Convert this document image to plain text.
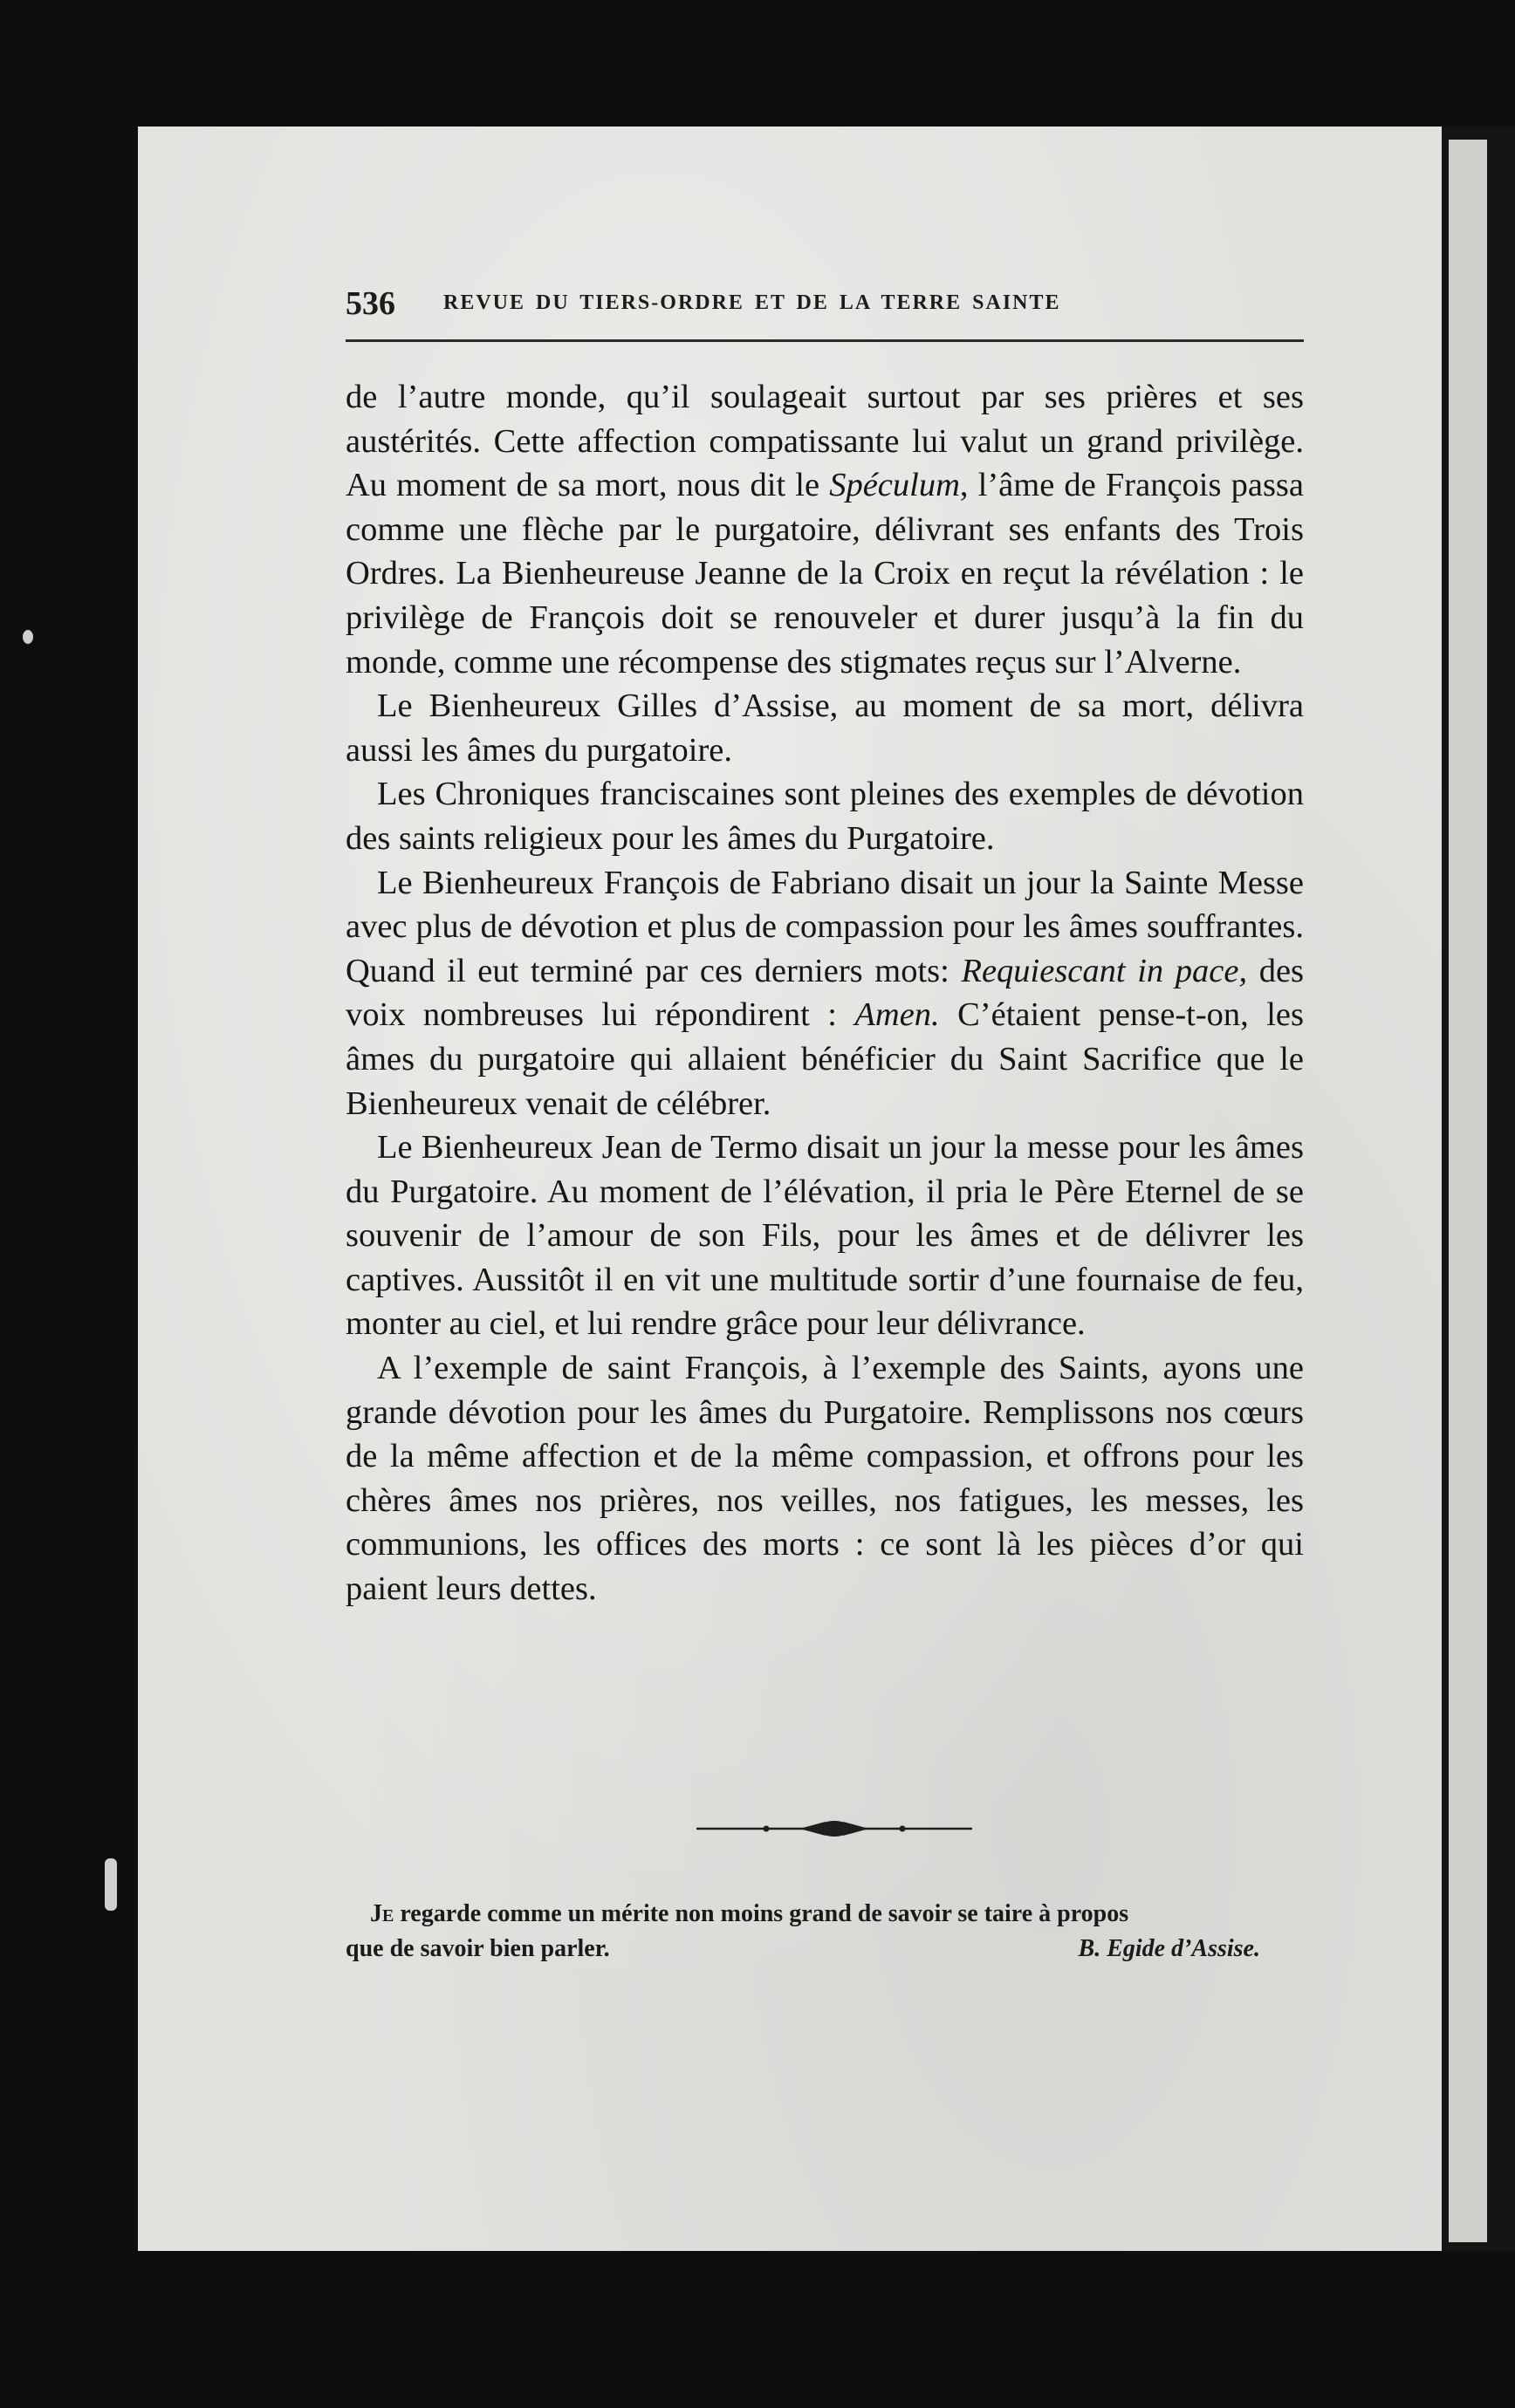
536 REVUE DU TIERS-ORDRE ET DE LA TERRE SAINTE

de l’autre monde, qu’il soulageait surtout par ses prières et ses austérités. Cette affection compatissante lui valut un grand privilège. Au moment de sa mort, nous dit le Spéculum, l’âme de François passa comme une flèche par le purgatoire, délivrant ses enfants des Trois Ordres. La Bienheureuse Jeanne de la Croix en reçut la révélation : le privilège de François doit se renouveler et durer jusqu’à la fin du monde, comme une récompense des stigmates reçus sur l’Alverne.

Le Bienheureux Gilles d’Assise, au moment de sa mort, délivra aussi les âmes du purgatoire.

Les Chroniques franciscaines sont pleines des exemples de dévotion des saints religieux pour les âmes du Purgatoire.

Le Bienheureux François de Fabriano disait un jour la Sainte Messe avec plus de dévotion et plus de compassion pour les âmes souffrantes. Quand il eut terminé par ces derniers mots: Requiescant in pace, des voix nombreuses lui répondirent : Amen. C’étaient pense-t-on, les âmes du purgatoire qui allaient bénéficier du Saint Sacrifice que le Bienheureux venait de célébrer.

Le Bienheureux Jean de Termo disait un jour la messe pour les âmes du Purgatoire. Au moment de l’élévation, il pria le Père Eternel de se souvenir de l’amour de son Fils, pour les âmes et de délivrer les captives. Aussitôt il en vit une multitude sortir d’une fournaise de feu, monter au ciel, et lui rendre grâce pour leur délivrance.

A l’exemple de saint François, à l’exemple des Saints, ayons une grande dévotion pour les âmes du Purgatoire. Remplissons nos cœurs de la même affection et de la même compassion, et offrons pour les chères âmes nos prières, nos veilles, nos fatigues, les messes, les communions, les offices des morts : ce sont là les pièces d’or qui paient leurs dettes.

Je regarde comme un mérite non moins grand de savoir se taire à propos
que de savoir bien parler.	B. Egide d’Assise.
